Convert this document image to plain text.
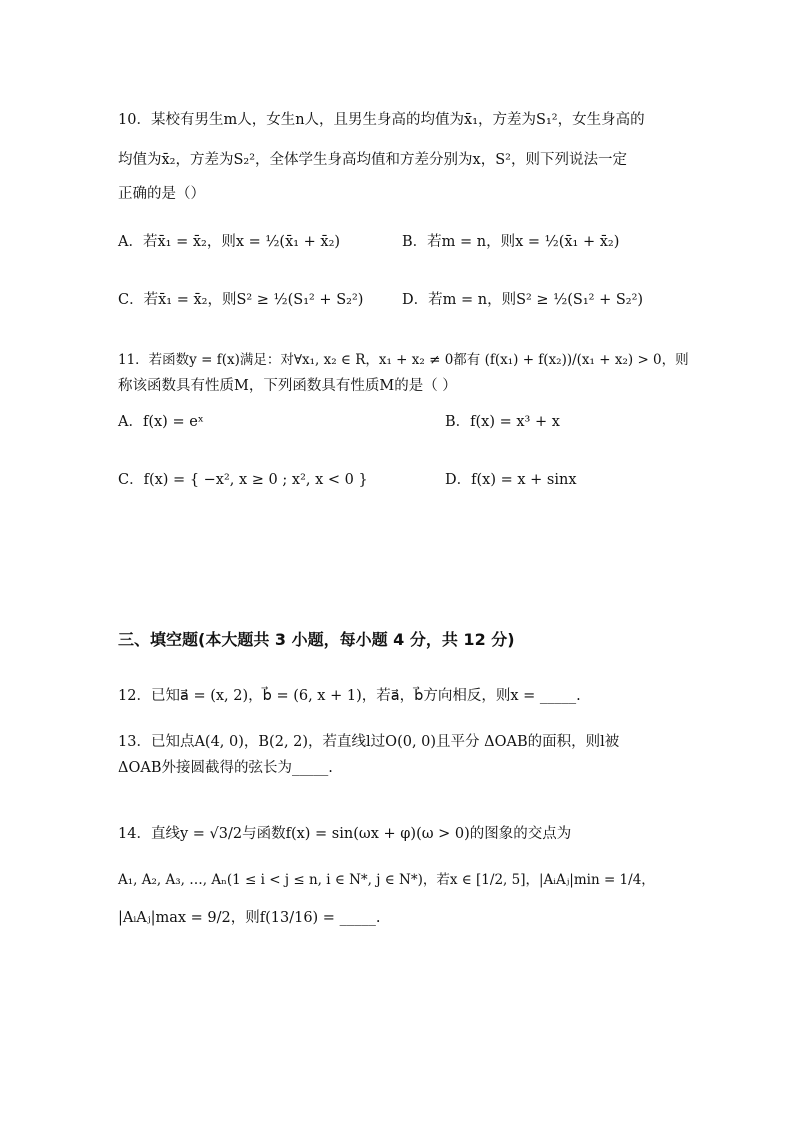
10．某校有男生m人，女生n人，且男生身高的均值为x̄₁，方差为S₁²，女生身高的
均值为x̄₂，方差为S₂²，全体学生身高均值和方差分别为x，S²，则下列说法一定
正确的是（）
A．若x̄₁ = x̄₂，则x = ½(x̄₁ + x̄₂)	B．若m = n，则x = ½(x̄₁ + x̄₂)
C．若x̄₁ = x̄₂，则S² ≥ ½(S₁² + S₂²)	D．若m = n，则S² ≥ ½(S₁² + S₂²)
11．若函数y = f(x)满足：对∀x₁, x₂ ∈ R，x₁ + x₂ ≠ 0都有 (f(x₁) + f(x₂))/(x₁ + x₂) > 0，则
称该函数具有性质M，下列函数具有性质M的是（ ）
A．f(x) = eˣ	B．f(x) = x³ + x
C．f(x) = { −x², x ≥ 0 ; x², x < 0 }	D．f(x) = x + sinx
三、填空题(本大题共 3 小题，每小题 4 分，共 12 分)
12．已知a⃗ = (x, 2)，b⃗ = (6, x + 1)，若a⃗，b⃗方向相反，则x = _____.
13．已知点A(4, 0)，B(2, 2)，若直线l过O(0, 0)且平分 ΔOAB的面积，则l被
ΔOAB外接圆截得的弦长为_____.
14．直线y = √3/2与函数f(x) = sin(ωx + φ)(ω > 0)的图象的交点为
A₁, A₂, A₃, …, Aₙ(1 ≤ i < j ≤ n, i ∈ N*, j ∈ N*)，若x ∈ [1/2, 5]，|AᵢAⱼ|min = 1/4，
|AᵢAⱼ|max = 9/2，则f(13/16) = _____.
